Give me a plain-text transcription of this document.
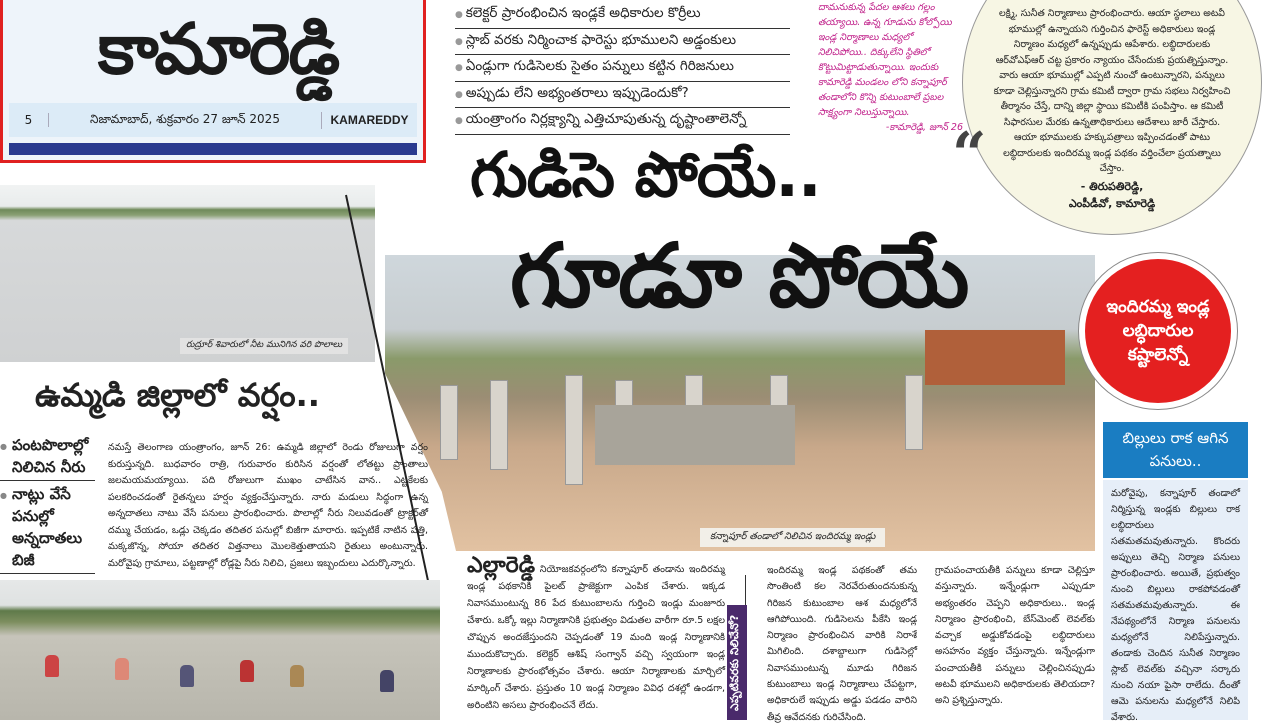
కామారెడ్డి
5	నిజామాబాద్, శుక్రవారం 27 జూన్ 2025	KAMAREDDY
● కలెక్టర్ ప్రారంభించిన ఇండ్లకే అధికారుల కొర్రీలు
● స్లాబ్ వరకు నిర్మించాక ఫారెస్టు భూములని అడ్డంకులు
● ఏండ్లుగా గుడిసెలకు సైతం పన్నులు కట్టిన గిరిజనులు
● అప్పుడు లేని అభ్యంతరాలు ఇప్పుడెందుకో?
● యంత్రాంగం నిర్లక్ష్యాన్ని ఎత్తిచూపుతున్న దృష్టాంతాలెన్నో

దామనుకున్న పేదల ఆశలు గల్లం తయ్యాయి. ఉన్న గూడును కోల్పోయి ఇండ్ల నిర్మాణాలు మధ్యలో నిలిచిపోయి.. దిక్కులేని స్థితిలో కొట్టుమిట్టాడుతున్నాయి. ఇందుకు కామారెడ్డి మండలం లోని కన్నాపూర్ తండాలోని కొన్ని కుటుంబాలే ప్రబల సాక్ష్యంగా నిలుస్తున్నాయి.

-కామారెడ్డి, జూన్ 26

లక్ష్మి, సునీత నిర్మాణాలు ప్రారంభించారు. ఆయా స్థలాలు అటవీ భూముల్లో ఉన్నాయని గుర్తించిన ఫారెస్ట్ అధికారులు ఇండ్ల నిర్మాణం మధ్యలో ఉన్నప్పుడు ఆపేశారు. లబ్ధిదారులకు ఆర్‌వోఎఫ్ఆర్ చట్ట ప్రకారం న్యాయం చేసేందుకు ప్రయత్నిస్తున్నాం. వారు ఆయా భూముల్లో ఎప్పటి నుంచో ఉంటున్నారని, పన్నులు కూడా చెల్లిస్తున్నారని గ్రామ కమిటీ ద్వారా గ్రామ సభలు నిర్వహించి తీర్మానం చేస్తే, దాన్ని జిల్లా స్థాయి కమిటీకి పంపిస్తాం. ఆ కమిటీ సిఫారసుల మేరకు ఉన్నతాధికారులు ఆదేశాలు జారీ చేస్తారు. ఆయా భూములకు హక్కుపత్రాలు ఇప్పించడంతో పాటు లబ్ధిదారులకు ఇందిరమ్మ ఇండ్ల పథకం వర్తించేలా ప్రయత్నాలు చేస్తాం.

- తిరుపతిరెడ్డి,

ఎంపీడీవో, కామారెడ్డి

“
గుడిసె పోయే..
గూడూ పోయే
కన్నాపూర్ తండాలో నిలిచిన ఇందిరమ్మ ఇండ్లు
ఇందిరమ్మ ఇండ్ల లబ్ధిదారుల కష్టాలెన్నో
బిల్లులు రాక ఆగిన పనులు..
మరోవైపు, కన్నాపూర్ తండాలో నిర్మిస్తున్న ఇండ్లకు బిల్లులు రాక లబ్ధిదారులు సతమతమవుతున్నారు. కొందరు అప్పులు తెచ్చి నిర్మాణ పనులు ప్రారంభించారు. అయితే, ప్రభుత్వం నుంచి బిల్లులు రాకపోవడంతో సతమతమవుతున్నారు. ఈ నేపథ్యంలోనే నిర్మాణ పనులను మధ్యలోనే నిలిపేస్తున్నారు. తండాకు చెందిన సునీత నిర్మాణం స్లాబ్ లెవల్‌కు వచ్చినా సర్కారు నుంచి నయా పైసా రాలేదు. దీంతో ఆమె పనులను మధ్యలోనే నిలిపి వేశారు.
రుద్రూర్ శివారులో నీట మునిగిన వరి పొలాలు
ఉమ్మడి జిల్లాలో వర్షం..
● పంటపొలాల్లో నిలిచిన నీరు
● నాట్లు వేసే పనుల్లో అన్నదాతలు బిజీ
నమస్తే తెలంగాణ యంత్రాంగం, జూన్ 26: ఉమ్మడి జిల్లాలో రెండు రోజులుగా వర్షం కురుస్తున్నది. బుధవారం రాత్రి, గురువారం కురిసిన వర్షంతో లోతట్టు ప్రాంతాలు జలమయమయ్యాయి. పది రోజులుగా ముఖం చాటేసిన వాన.. ఎట్టకేలకు పలకరించడంతో రైతన్నలు హర్షం వ్యక్తంచేస్తున్నారు. నారు మడులు సిద్ధంగా ఉన్న అన్నదాతలు నాటు వేసే పనులు ప్రారంభించారు. పొలాల్లో నీరు నిలువడంతో ట్రాక్టర్‌తో దమ్ము చేయడం, ఒడ్లు చెక్కడం తదితర పనుల్లో బిజీగా మారారు. ఇప్పటికే నాటిన పత్తి, మక్కజొన్న, సోయా తదితర విత్తనాలు మొలకెత్తుతాయని రైతులు అంటున్నారు. మరోవైపు గ్రామాలు, పట్టణాల్లో రోడ్లపై నీరు నిలిచి, ప్రజలు ఇబ్బందులు ఎదుర్కొన్నారు.	ఎల్లారెడ్డి నియోజకవర్గంలోని కన్నాపూర్ తండాను ఇందిరమ్మ ఇండ్ల పథకానికి పైలట్ ప్రాజెక్టుగా ఎంపిక చేశారు. ఇక్కడ నివాసముంటున్న 86 పేద కుటుంబాలను గుర్తించి ఇండ్లు మంజూరు చేశారు. ఒక్కో ఇల్లు నిర్మాణానికి ప్రభుత్వం విడుతల వారీగా రూ.5 లక్షల చొప్పున అందజేస్తుందని చెప్పడంతో 19 మంది ఇండ్ల నిర్మాణానికి ముందుకొచ్చారు. కలెక్టర్ ఆశిష్ సంగ్వాన్ వచ్చి స్వయంగా ఇండ్ల నిర్మాణాలకు ప్రారంభోత్సవం చేశారు. ఆయా నిర్మాణాలకు మార్చిలో మార్కింగ్ చేశారు. ప్రస్తుతం 10 ఇండ్ల నిర్మాణం వివిధ దశల్లో ఉండగా, అరింటిని అసలు ప్రారంభించనే లేదు.	ఎప్పటివరకు నిలిచేనో?
ఇందిరమ్మ ఇండ్ల పథకంతో తమ సొంతింటి కల నెరవేరుతుందనుకున్న గిరిజన కుటుంబాల ఆశ మధ్యలోనే ఆగిపోయింది. గుడిసెలను పీకేసి ఇండ్ల నిర్మాణం ప్రారంభించిన వారికి నిరాశే మిగిలింది. దశాబ్దాలుగా గుడిసెల్లో నివాసముంటున్న మూడు గిరిజన కుటుంబాలు ఇండ్ల నిర్మాణాలు చేపట్టగా, అధికారులే ఇప్పుడు అడ్డు పడడం వారిని తీవ్ర ఆవేదనకు గురిచేసింది.
గ్రామపంచాయతీకి పన్నులు కూడా చెల్లిస్తూ వస్తున్నారు. ఇన్నేండ్లుగా ఎప్పుడూ అభ్యంతరం చెప్పని అధికారులు.. ఇండ్ల నిర్మాణం ప్రారంభించి, బేస్‌మెంట్ లెవల్‌కు వచ్చాక అడ్డుకోవడంపై లబ్ధిదారులు అసహనం వ్యక్తం చేస్తున్నారు. ఇన్నేండ్లుగా పంచాయతీకి పన్నులు చెల్లించినప్పుడు అటవీ భూములని అధికారులకు తెలియదా? అని ప్రశ్నిస్తున్నారు.
